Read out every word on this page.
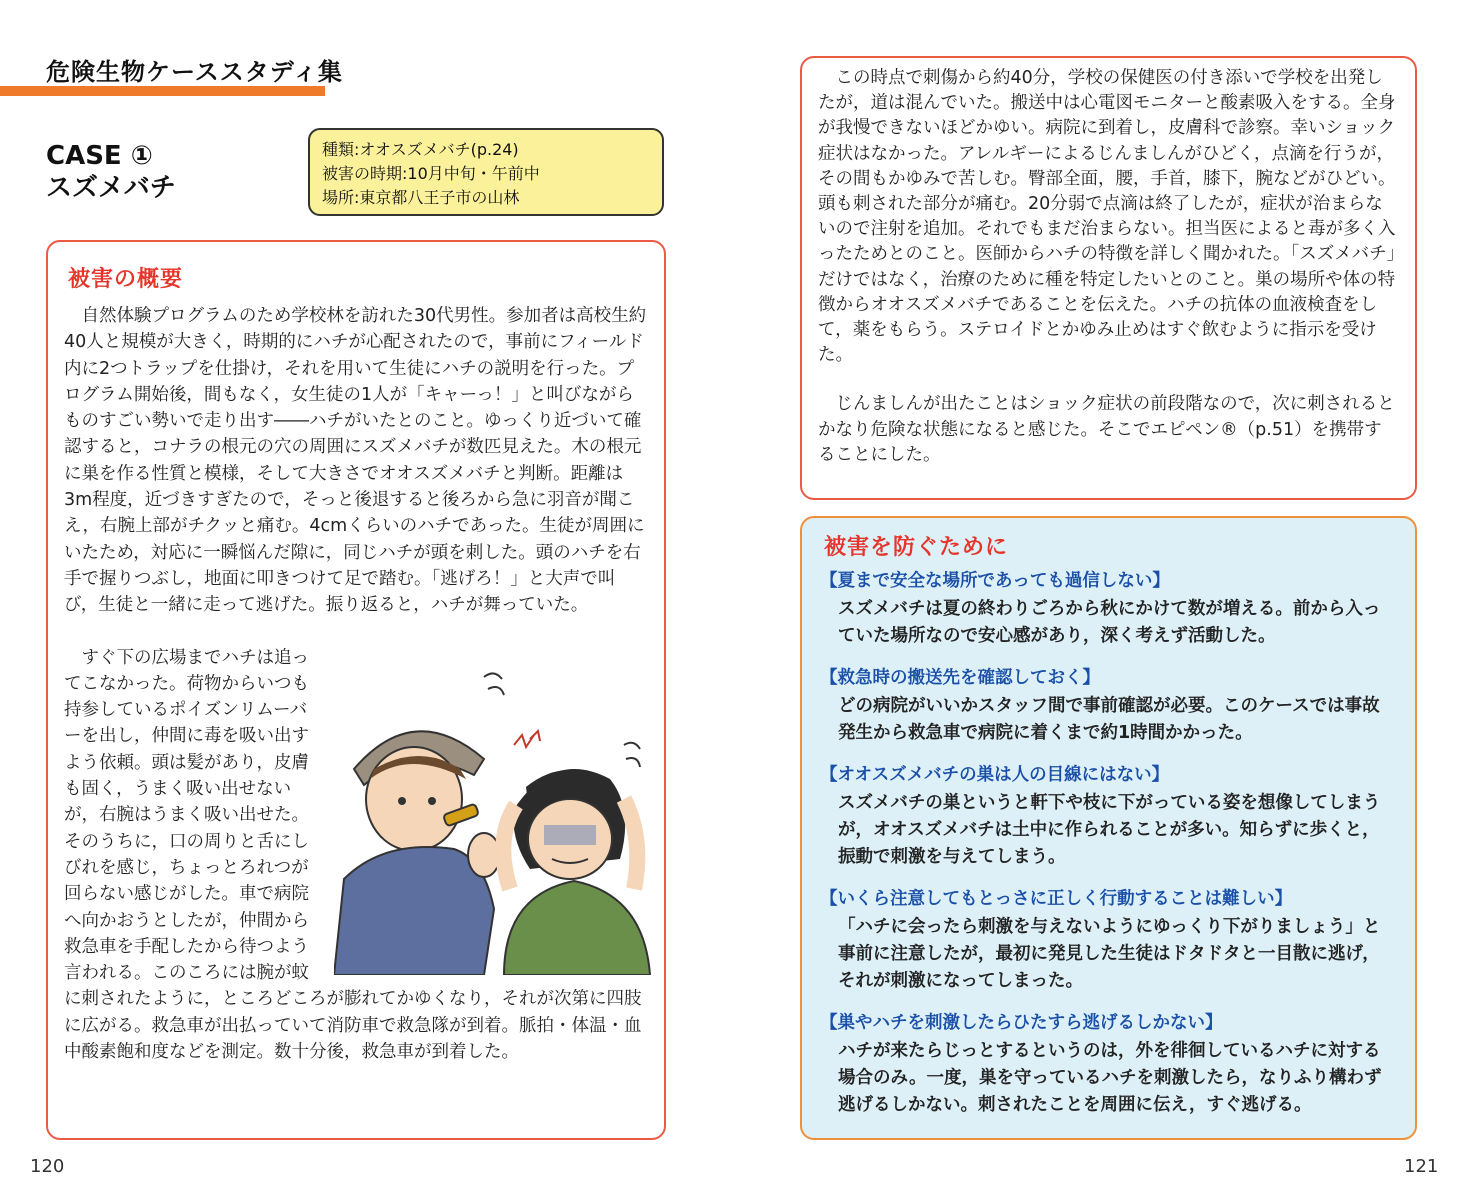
危険生物ケーススタディ集
CASE ①
スズメバチ
種類:オオスズメバチ(p.24)
被害の時期:10月中旬・午前中
場所:東京都八王子市の山林
被害の概要

自然体験プログラムのため学校林を訪れた30代男性。参加者は高校生約40人と規模が大きく，時期的にハチが心配されたので，事前にフィールド内に2つトラップを仕掛け，それを用いて生徒にハチの説明を行った。プログラム開始後，間もなく，女生徒の1人が「キャーっ！」と叫びながらものすごい勢いで走り出す――ハチがいたとのこと。ゆっくり近づいて確認すると，コナラの根元の穴の周囲にスズメバチが数匹見えた。木の根元に巣を作る性質と模様，そして大きさでオオスズメバチと判断。距離は3m程度，近づきすぎたので，そっと後退すると後ろから急に羽音が聞こえ，右腕上部がチクッと痛む。4cmくらいのハチであった。生徒が周囲にいたため，対応に一瞬悩んだ隙に，同じハチが頭を刺した。頭のハチを右手で握りつぶし，地面に叩きつけて足で踏む。「逃げろ！」と大声で叫び，生徒と一緒に走って逃げた。振り返ると，ハチが舞っていた。

すぐ下の広場までハチは追ってこなかった。荷物からいつも持参しているポイズンリムーバーを出し，仲間に毒を吸い出すよう依頼。頭は髪があり，皮膚も固く，うまく吸い出せないが，右腕はうまく吸い出せた。そのうちに，口の周りと舌にしびれを感じ，ちょっとろれつが回らない感じがした。車で病院へ向かおうとしたが，仲間から救急車を手配したから待つよう言われる。このころには腕が蚊に刺されたように，ところどころが膨れてかゆくなり，それが次第に四肢に広がる。救急車が出払っていて消防車で救急隊が到着。脈拍・体温・血中酸素飽和度などを測定。数十分後，救急車が到着した。

この時点で刺傷から約40分，学校の保健医の付き添いで学校を出発したが，道は混んでいた。搬送中は心電図モニターと酸素吸入をする。全身が我慢できないほどかゆい。病院に到着し，皮膚科で診察。幸いショック症状はなかった。アレルギーによるじんましんがひどく，点滴を行うが，その間もかゆみで苦しむ。臀部全面，腰，手首，膝下，腕などがひどい。頭も刺された部分が痛む。20分弱で点滴は終了したが，症状が治まらないので注射を追加。それでもまだ治まらない。担当医によると毒が多く入ったためとのこと。医師からハチの特徴を詳しく聞かれた。「スズメバチ」だけではなく，治療のために種を特定したいとのこと。巣の場所や体の特徴からオオスズメバチであることを伝えた。ハチの抗体の血液検査をして，薬をもらう。ステロイドとかゆみ止めはすぐ飲むように指示を受けた。

じんましんが出たことはショック症状の前段階なので，次に刺されるとかなり危険な状態になると感じた。そこでエピペン®（p.51）を携帯することにした。

被害を防ぐために
【夏まで安全な場所であっても過信しない】
スズメバチは夏の終わりごろから秋にかけて数が増える。前から入っていた場所なので安心感があり，深く考えず活動した。
【救急時の搬送先を確認しておく】
どの病院がいいかスタッフ間で事前確認が必要。このケースでは事故発生から救急車で病院に着くまで約1時間かかった。
【オオスズメバチの巣は人の目線にはない】
スズメバチの巣というと軒下や枝に下がっている姿を想像してしまうが，オオスズメバチは土中に作られることが多い。知らずに歩くと，振動で刺激を与えてしまう。
【いくら注意してもとっさに正しく行動することは難しい】
「ハチに会ったら刺激を与えないようにゆっくり下がりましょう」と事前に注意したが，最初に発見した生徒はドタドタと一目散に逃げ，それが刺激になってしまった。
【巣やハチを刺激したらひたすら逃げるしかない】
ハチが来たらじっとするというのは，外を徘徊しているハチに対する場合のみ。一度，巣を守っているハチを刺激したら，なりふり構わず逃げるしかない。刺されたことを周囲に伝え，すぐ逃げる。
120	121
